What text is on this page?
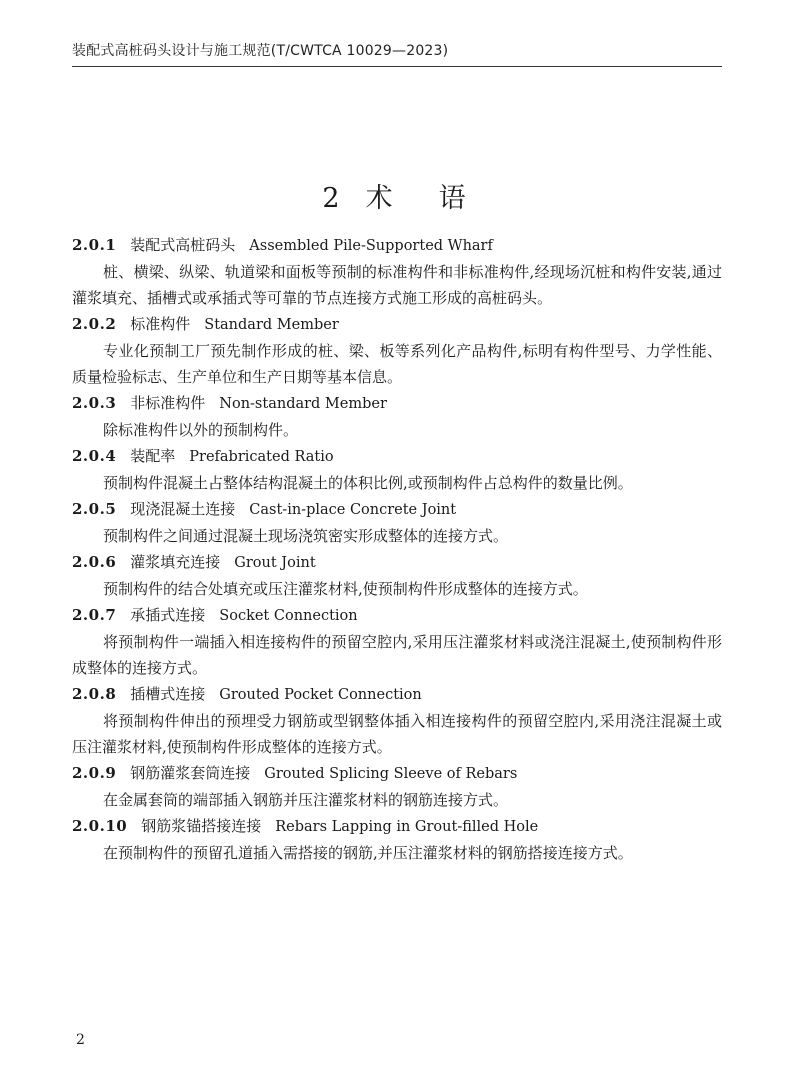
装配式高桩码头设计与施工规范(T/CWTCA 10029—2023)
2 术 语
2.0.1 装配式高桩码头 Assembled Pile-Supported Wharf

桩、横梁、纵梁、轨道梁和面板等预制的标准构件和非标准构件,经现场沉桩和构件安装,通过灌浆填充、插槽式或承插式等可靠的节点连接方式施工形成的高桩码头。

2.0.2 标准构件 Standard Member

专业化预制工厂预先制作形成的桩、梁、板等系列化产品构件,标明有构件型号、力学性能、质量检验标志、生产单位和生产日期等基本信息。

2.0.3 非标准构件 Non-standard Member

除标准构件以外的预制构件。

2.0.4 装配率 Prefabricated Ratio

预制构件混凝土占整体结构混凝土的体积比例,或预制构件占总构件的数量比例。

2.0.5 现浇混凝土连接 Cast-in-place Concrete Joint

预制构件之间通过混凝土现场浇筑密实形成整体的连接方式。

2.0.6 灌浆填充连接 Grout Joint

预制构件的结合处填充或压注灌浆材料,使预制构件形成整体的连接方式。

2.0.7 承插式连接 Socket Connection

将预制构件一端插入相连接构件的预留空腔内,采用压注灌浆材料或浇注混凝土,使预制构件形成整体的连接方式。

2.0.8 插槽式连接 Grouted Pocket Connection

将预制构件伸出的预埋受力钢筋或型钢整体插入相连接构件的预留空腔内,采用浇注混凝土或压注灌浆材料,使预制构件形成整体的连接方式。

2.0.9 钢筋灌浆套筒连接 Grouted Splicing Sleeve of Rebars

在金属套筒的端部插入钢筋并压注灌浆材料的钢筋连接方式。

2.0.10 钢筋浆锚搭接连接 Rebars Lapping in Grout-filled Hole

在预制构件的预留孔道插入需搭接的钢筋,并压注灌浆材料的钢筋搭接连接方式。

2
